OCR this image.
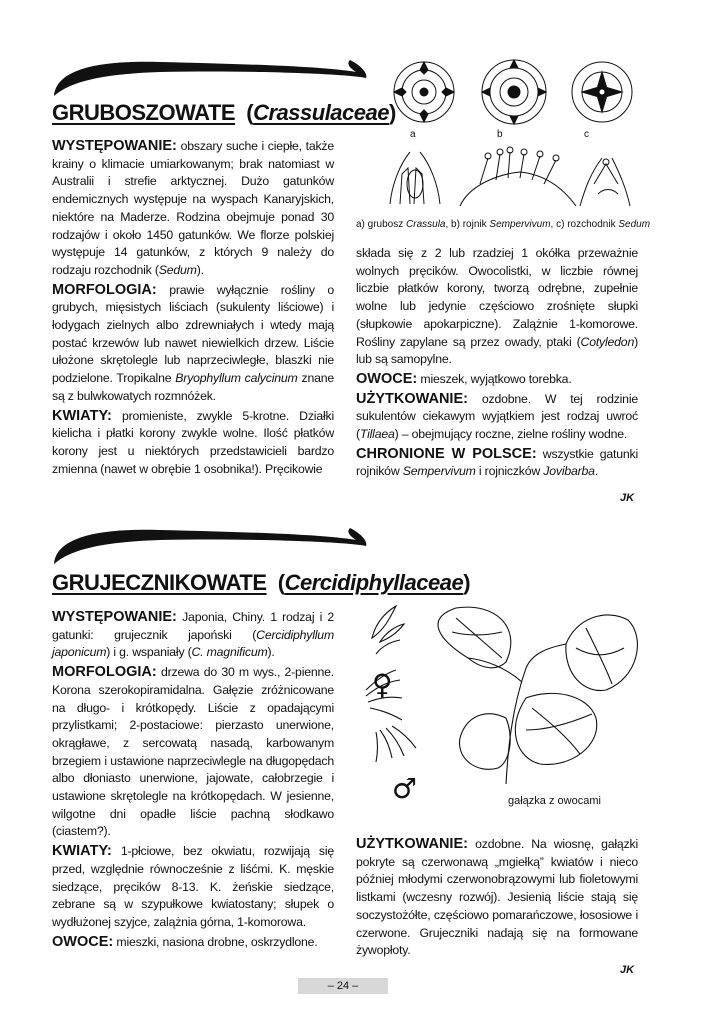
GRUBOSZOWATE (Crassulaceae)
a	b	c
a) grubosz Crassula, b) rojnik Sempervivum, c) rozchodnik Sedum

WYSTĘPOWANIE: obszary suche i ciepłe, także krainy o klimacie umiarkowanym; brak natomiast w Australii i strefie arktycznej. Dużo gatunków endemicznych występuje na wyspach Kanaryjskich, niektóre na Maderze. Rodzina obejmuje ponad 30 rodzajów i około 1450 gatunków. We florze polskiej występuje 14 gatunków, z których 9 należy do rodzaju rozchodnik (Sedum).

MORFOLOGIA: prawie wyłącznie rośliny o grubych, mięsistych liściach (sukulenty liściowe) i łodygach zielnych albo zdrewniałych i wtedy mają postać krzewów lub nawet niewielkich drzew. Liście ułożone skrętolegle lub naprzeciwległe, blaszki nie podzielone. Tropikalne Bryophyllum calycinum znane są z bulwkowatych rozmnóżek.

KWIATY: promieniste, zwykle 5-krotne. Działki kielicha i płatki korony zwykle wolne. Ilość płatków korony jest u niektórych przedstawicieli bardzo zmienna (nawet w obrębie 1 osobnika!). Pręcikowie

składa się z 2 lub rzadziej 1 okółka przeważnie wolnych pręcików. Owocolistki, w liczbie równej liczbie płatków korony, tworzą odrębne, zupełnie wolne lub jedynie częściowo zrośnięte słupki (słupkowie apokarpiczne). Zalążnie 1-komorowe. Rośliny zapylane są przez owady, ptaki (Cotyledon) lub są samopylne.

OWOCE: mieszek, wyjątkowo torebka.

UŻYTKOWANIE: ozdobne. W tej rodzinie sukulentów ciekawym wyjątkiem jest rodzaj uwroć (Tillaea) – obejmujący roczne, zielne rośliny wodne.

CHRONIONE W POLSCE: wszystkie gatunki rojników Sempervivum i rojniczków Jovibarba.

JK
GRUJECZNIKOWATE (Cercidiphyllaceae)
♀
♂	gałązka z owocami

WYSTĘPOWANIE: Japonia, Chiny. 1 rodzaj i 2 gatunki: grujecznik japoński (Cercidiphyllum japonicum) i g. wspaniały (C. magnificum).

MORFOLOGIA: drzewa do 30 m wys., 2-pienne. Korona szerokopiramidalna. Gałęzie zróżnicowane na długo- i krótkopędy. Liście z opadającymi przylistkami; 2-postaciowe: pierzasto unerwione, okrągławe, z sercowatą nasadą, karbowanym brzegiem i ustawione naprzeciwlegle na długopędach albo dłoniasto unerwione, jajowate, całobrzegie i ustawione skrętolegle na krótkopędach. W jesienne, wilgotne dni opadłe liście pachną słodkawo (ciastem?).

KWIATY: 1-płciowe, bez okwiatu, rozwijają się przed, względnie równocześnie z liśćmi. K. męskie siedzące, pręcików 8-13. K. żeńskie siedzące, zebrane są w szypułkowe kwiatostany; słupek o wydłużonej szyjce, zalążnia górna, 1-komorowa.

OWOCE: mieszki, nasiona drobne, oskrzydlone.

UŻYTKOWANIE: ozdobne. Na wiosnę, gałązki pokryte są czerwonawą „mgiełką” kwiatów i nieco później młodymi czerwonobrązowymi lub fioletowymi listkami (wczesny rozwój). Jesienią liście stają się soczystożółte, częściowo pomarańczowe, łososiowe i czerwone. Grujeczniki nadają się na formowane żywopłoty.

JK
– 24 –
